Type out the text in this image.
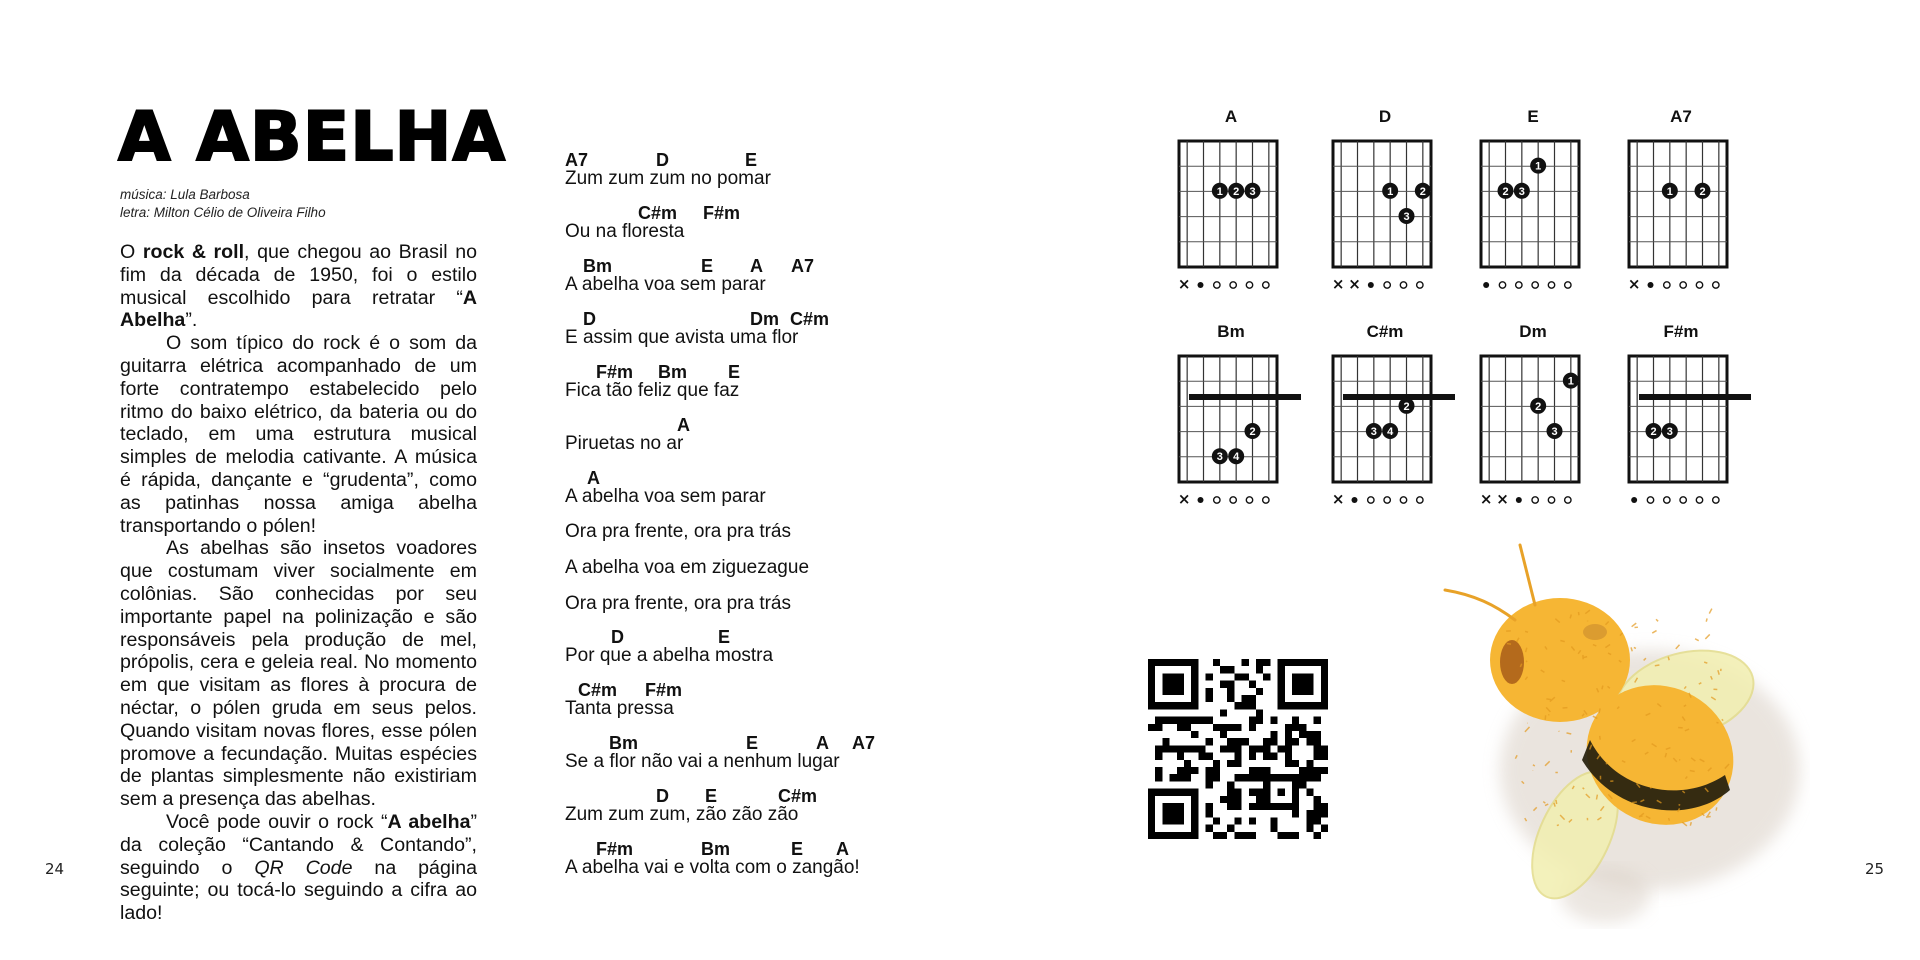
24	25
A ABELHA
música: Lula Barbosa
letra: Milton Célio de Oliveira Filho

O rock & roll, que chegou ao Brasil no fim da década de 1950, foi o estilo musical escolhido para retratar “A Abelha”.

O som típico do rock é o som da guitarra elétrica acompanhado de um forte contratempo estabelecido pelo ritmo do baixo elétrico, da bateria ou do teclado, em uma estrutura musical simples de melodia cativante. A música é rápida, dançante e “grudenta”, como as patinhas nossa amiga abelha transportando o pólen!

As abelhas são insetos voadores que costumam viver socialmente em colônias. São conhecidas por seu importante papel na polinização e são responsáveis pela produção de mel, própolis, cera e geleia real. No momento em que visitam as flores à procura de néctar, o pólen gruda em seus pelos. Quando visitam novas flores, esse pólen promove a fecundação. Muitas espécies de plantas simplesmente não existiriam sem a presença das abelhas.

Você pode ouvir o rock “A abelha” da coleção “Cantando & Contando”, seguindo o QR Code na página seguinte; ou tocá-lo seguindo a cifra ao lado!

A7	D	E
Zum zum zum no pomar
C#m F#m
Ou na floresta
Bm	E A A7
A abelha voa sem parar
D	Dm C#m
E assim que avista uma flor
F#m Bm E
Fica tão feliz que faz
A
Piruetas no ar
A
A abelha voa sem parar
Ora pra frente, ora pra trás
A abelha voa em ziguezague
Ora pra frente, ora pra trás
D	E
Por que a abelha mostra
C#m F#m
Tanta pressa
Bm	E	A A7
Se a flor não vai a nenhum lugar
D E	C#m
Zum zum zum, zão zão zão
F#m	Bm	E A
A abelha vai e volta com o zangão!
A
1 2 3
×
D
1 2
3
× ×
E
1
2 3
A7
1 2
×
Bm
2
3 4
×
C#m
2
3 4
×
Dm
1
2
3
× ×
F#m
2 3
